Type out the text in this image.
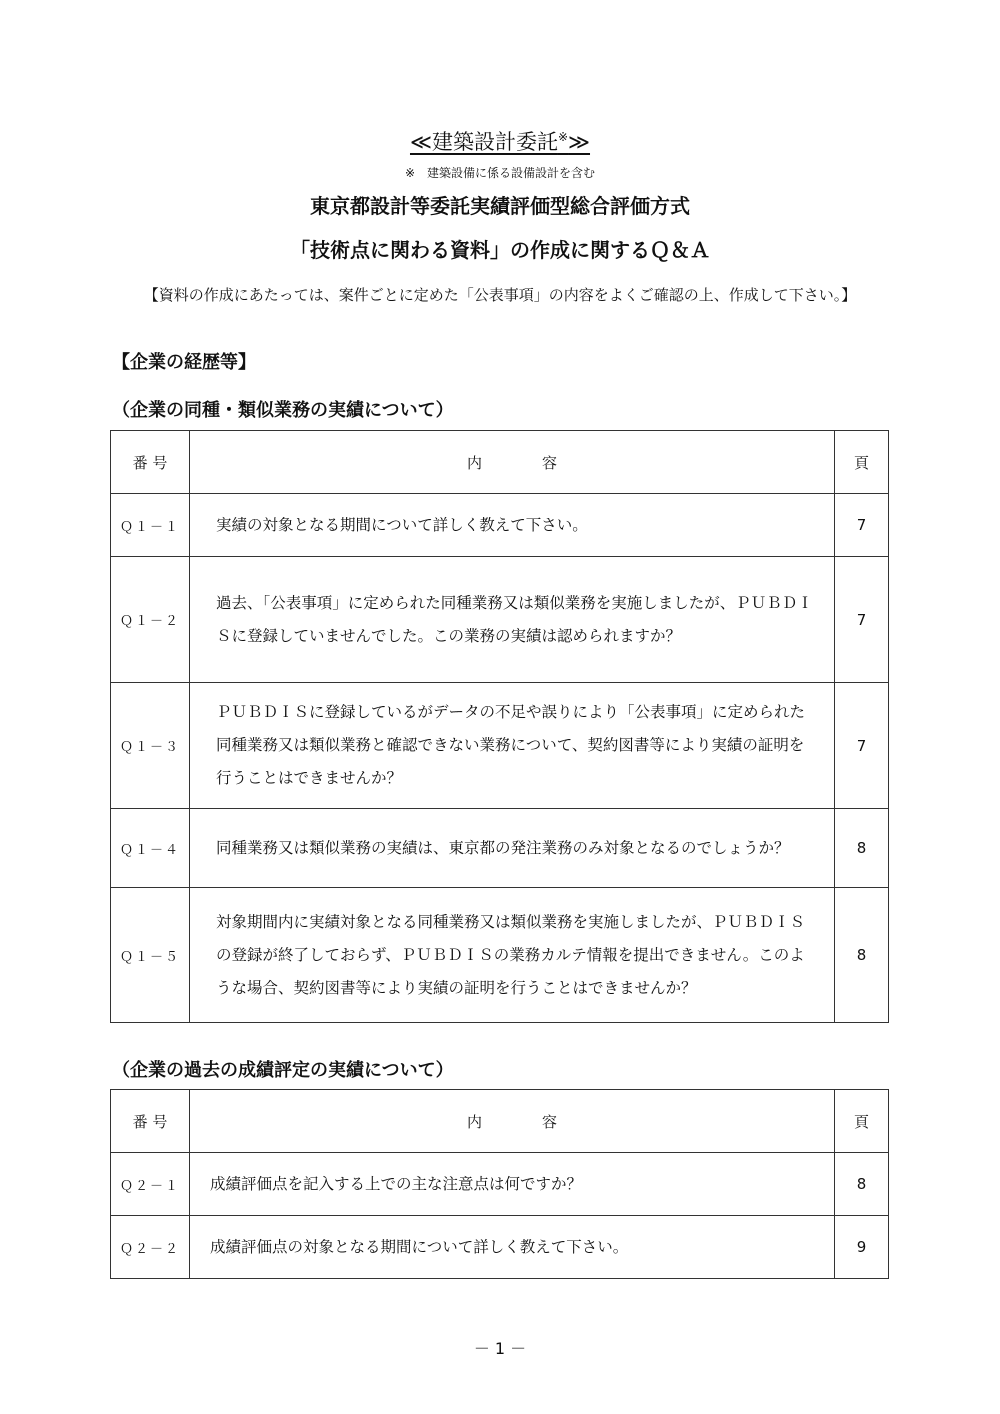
≪建築設計委託※≫
※　建築設備に係る設備設計を含む
東京都設計等委託実績評価型総合評価方式
「技術点に関わる資料」の作成に関するＱ＆Ａ
【資料の作成にあたっては、案件ごとに定めた「公表事項」の内容をよくご確認の上、作成して下さい。】
【企業の経歴等】
（企業の同種・類似業務の実績について）
番 号	内　　　　容	頁
Ｑ１－１	実績の対象となる期間について詳しく教えて下さい。	7
Ｑ１－２	過去、「公表事項」に定められた同種業務又は類似業務を実施しましたが、ＰＵＢＤＩＳに登録していませんでした。この業務の実績は認められますか？	7
Ｑ１－３	ＰＵＢＤＩＳに登録しているがデータの不足や誤りにより「公表事項」に定められた同種業務又は類似業務と確認できない業務について、契約図書等により実績の証明を行うことはできませんか？	7
Ｑ１－４	同種業務又は類似業務の実績は、東京都の発注業務のみ対象となるのでしょうか？	8
Ｑ１－５	対象期間内に実績対象となる同種業務又は類似業務を実施しましたが、ＰＵＢＤＩＳの登録が終了しておらず、ＰＵＢＤＩＳの業務カルテ情報を提出できません。このような場合、契約図書等により実績の証明を行うことはできませんか？	8
（企業の過去の成績評定の実績について）
番 号	内　　　　容	頁
Ｑ２－１	成績評価点を記入する上での主な注意点は何ですか？	8
Ｑ２－２	成績評価点の対象となる期間について詳しく教えて下さい。	9
－ 1 －
